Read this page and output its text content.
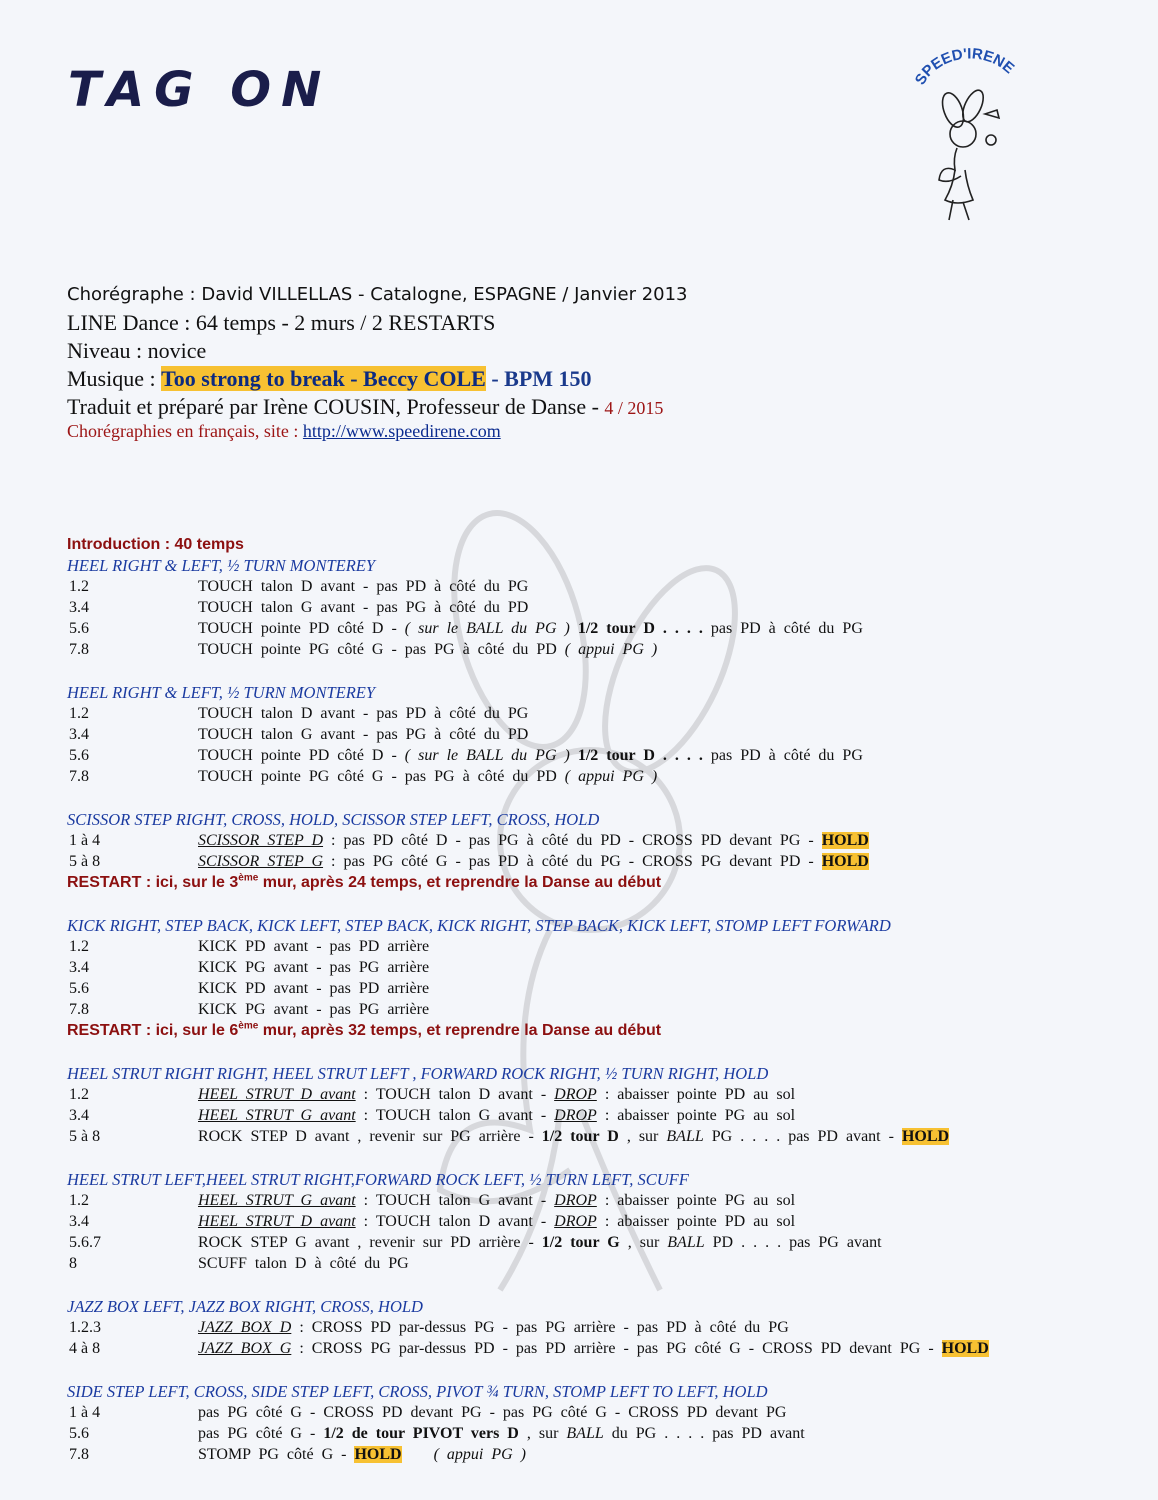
TAG ON	SPEED'IRENE
Chorégraphe : David VILLELLAS - Catalogne, ESPAGNE / Janvier 2013
LINE Dance : 64 temps - 2 murs / 2 RESTARTS
Niveau : novice
Musique : Too strong to break - Beccy COLE - BPM 150
Traduit et préparé par Irène COUSIN, Professeur de Danse - 4 / 2015
Chorégraphies en français, site : http://www.speedirene.com
Introduction : 40 temps
HEEL RIGHT & LEFT, ½ TURN MONTEREY
1.2	TOUCH talon D avant - pas PD à côté du PG
3.4	TOUCH talon G avant - pas PG à côté du PD
5.6	TOUCH pointe PD côté D - ( sur le BALL du PG ) 1/2 tour D . . . . pas PD à côté du PG
7.8	TOUCH pointe PG côté G - pas PG à côté du PD ( appui PG )
HEEL RIGHT & LEFT, ½ TURN MONTEREY
1.2	TOUCH talon D avant - pas PD à côté du PG
3.4	TOUCH talon G avant - pas PG à côté du PD
5.6	TOUCH pointe PD côté D - ( sur le BALL du PG ) 1/2 tour D . . . . pas PD à côté du PG
7.8	TOUCH pointe PG côté G - pas PG à côté du PD ( appui PG )
SCISSOR STEP RIGHT, CROSS, HOLD, SCISSOR STEP LEFT, CROSS, HOLD
1 à 4	SCISSOR STEP D : pas PD côté D - pas PG à côté du PD - CROSS PD devant PG - HOLD
5 à 8	SCISSOR STEP G : pas PG côté G - pas PD à côté du PG - CROSS PG devant PD - HOLD
RESTART : ici, sur le 3ème mur, après 24 temps, et reprendre la Danse au début
KICK RIGHT, STEP BACK, KICK LEFT, STEP BACK, KICK RIGHT, STEP BACK, KICK LEFT, STOMP LEFT FORWARD
1.2	KICK PD avant - pas PD arrière
3.4	KICK PG avant - pas PG arrière
5.6	KICK PD avant - pas PD arrière
7.8	KICK PG avant - pas PG arrière
RESTART : ici, sur le 6ème mur, après 32 temps, et reprendre la Danse au début
HEEL STRUT RIGHT RIGHT, HEEL STRUT LEFT , FORWARD ROCK RIGHT, ½ TURN RIGHT, HOLD
1.2	HEEL STRUT D avant : TOUCH talon D avant - DROP : abaisser pointe PD au sol
3.4	HEEL STRUT G avant : TOUCH talon G avant - DROP : abaisser pointe PG au sol
5 à 8	ROCK STEP D avant , revenir sur PG arrière - 1/2 tour D , sur BALL PG . . . . pas PD avant - HOLD
HEEL STRUT LEFT,HEEL STRUT RIGHT,FORWARD ROCK LEFT, ½ TURN LEFT, SCUFF
1.2	HEEL STRUT G avant : TOUCH talon G avant - DROP : abaisser pointe PG au sol
3.4	HEEL STRUT D avant : TOUCH talon D avant - DROP : abaisser pointe PD au sol
5.6.7	ROCK STEP G avant , revenir sur PD arrière - 1/2 tour G , sur BALL PD . . . . pas PG avant
8	SCUFF talon D à côté du PG
JAZZ BOX LEFT, JAZZ BOX RIGHT, CROSS, HOLD
1.2.3	JAZZ BOX D : CROSS PD par-dessus PG - pas PG arrière - pas PD à côté du PG
4 à 8	JAZZ BOX G : CROSS PG par-dessus PD - pas PD arrière - pas PG côté G - CROSS PD devant PG - HOLD
SIDE STEP LEFT, CROSS, SIDE STEP LEFT, CROSS, PIVOT ¾ TURN, STOMP LEFT TO LEFT, HOLD
1 à 4	pas PG côté G - CROSS PD devant PG - pas PG côté G - CROSS PD devant PG
5.6	pas PG côté G - 1/2 de tour PIVOT vers D , sur BALL du PG . . . . pas PD avant
7.8	STOMP PG côté G - HOLD ( appui PG )
